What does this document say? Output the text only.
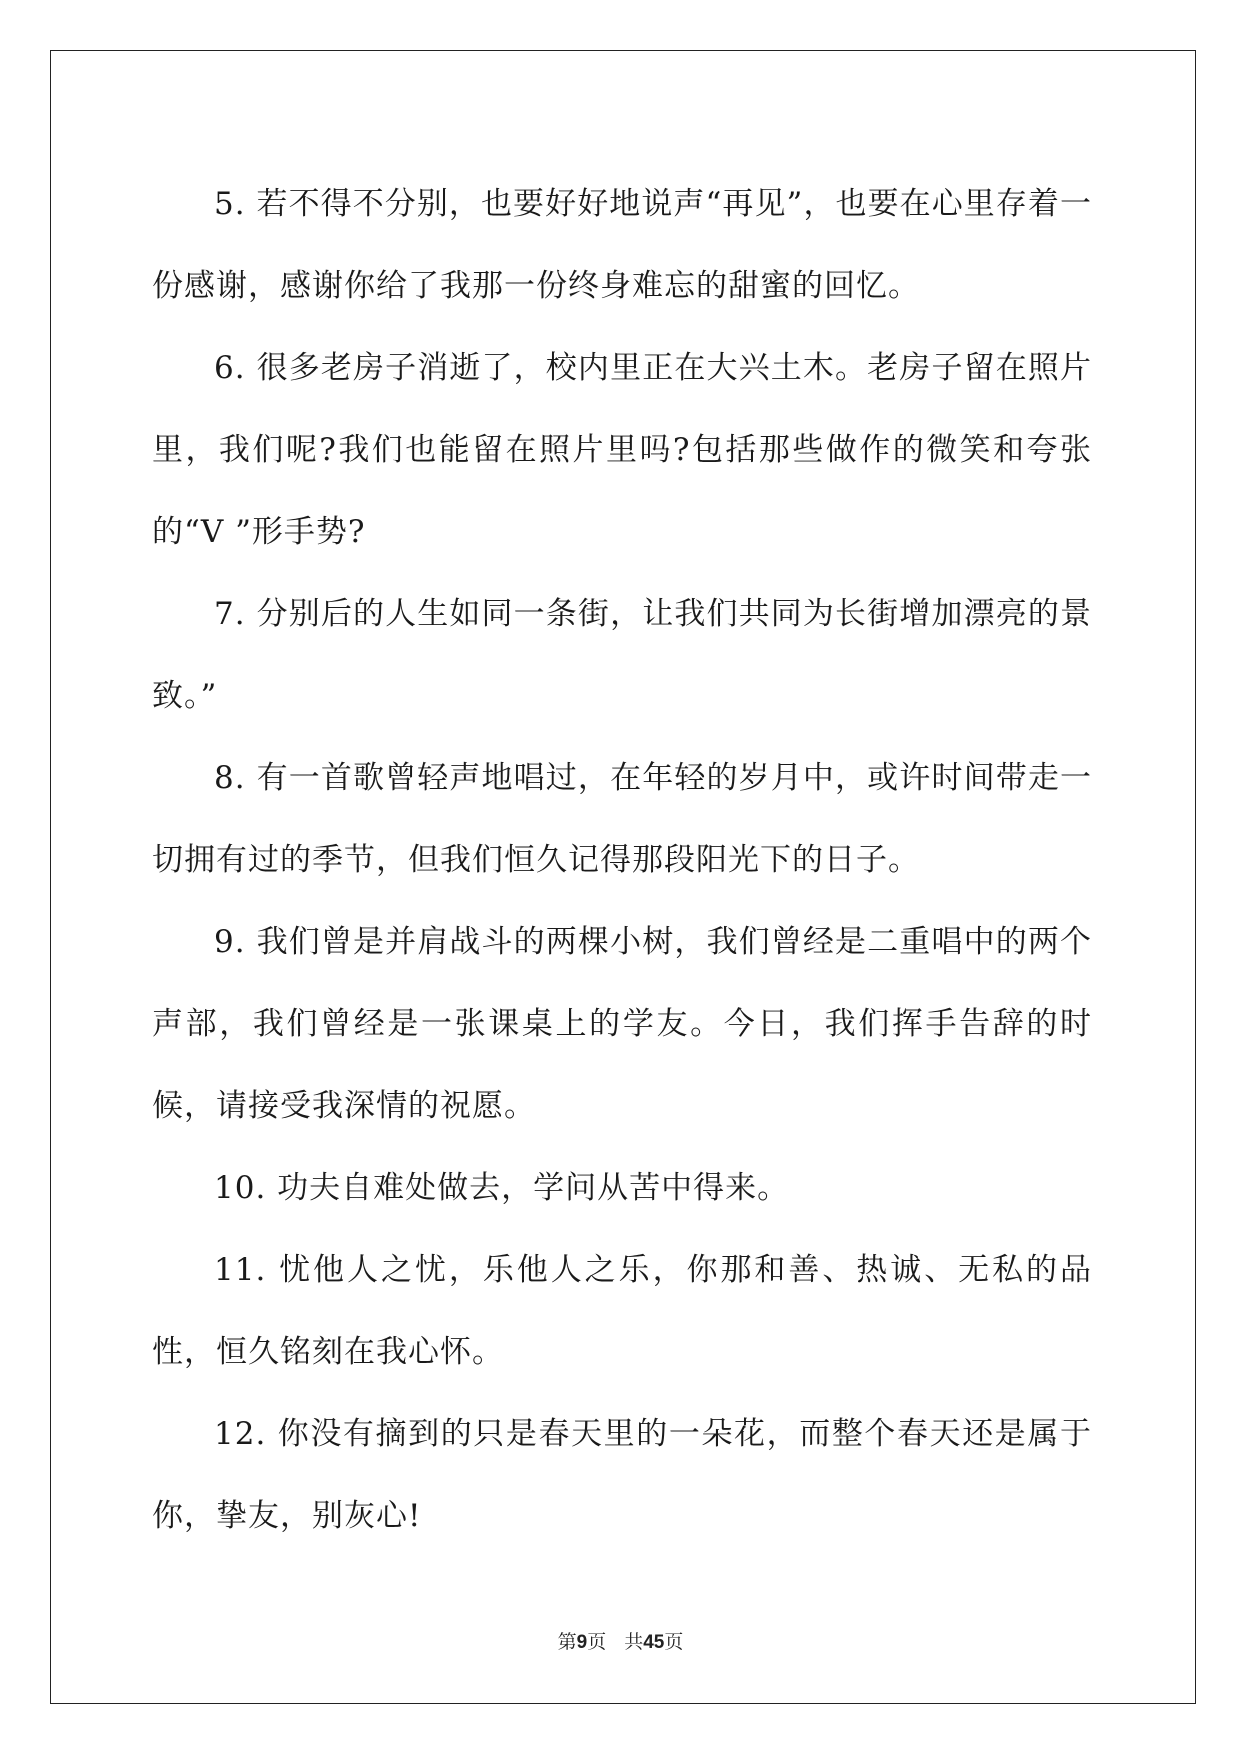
5. 若不得不分别，也要好好地说声“再见”，也要在心里存着一份感谢，感谢你给了我那一份终身难忘的甜蜜的回忆。

6. 很多老房子消逝了，校内里正在大兴土木。老房子留在照片里，我们呢?我们也能留在照片里吗?包括那些做作的微笑和夸张的“V ”形手势?

7. 分别后的人生如同一条街，让我们共同为长街增加漂亮的景致。”

8. 有一首歌曾轻声地唱过，在年轻的岁月中，或许时间带走一切拥有过的季节，但我们恒久记得那段阳光下的日子。

9. 我们曾是并肩战斗的两棵小树，我们曾经是二重唱中的两个声部，我们曾经是一张课桌上的学友。今日，我们挥手告辞的时候，请接受我深情的祝愿。

10. 功夫自难处做去，学问从苦中得来。

11. 忧他人之忧，乐他人之乐，你那和善、热诚、无私的品性，恒久铭刻在我心怀。

12. 你没有摘到的只是春天里的一朵花，而整个春天还是属于你，挚友，别灰心!

第9页 共45页
